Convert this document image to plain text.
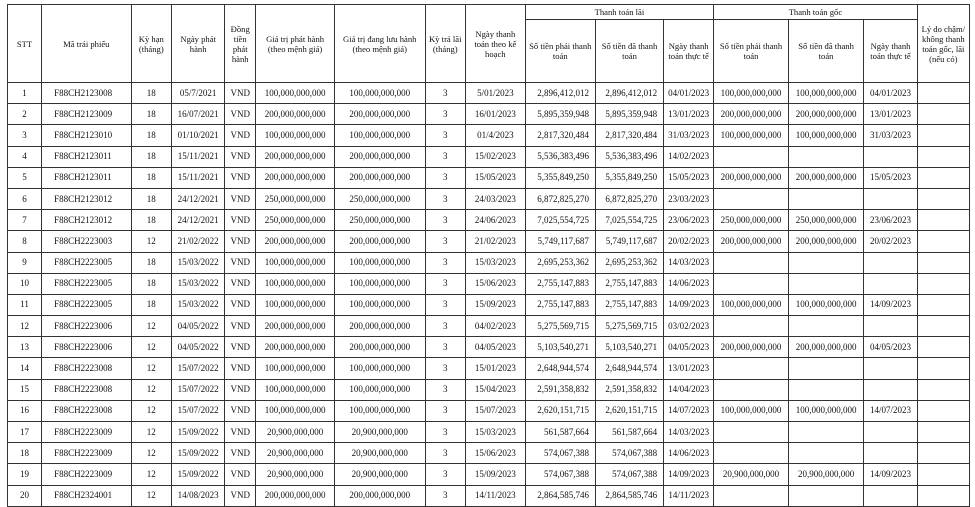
STT	Mã trái phiếu	Kỳ hạn (tháng)	Ngày phát hành	Đồng tiền phát hành	Giá trị phát hành (theo mệnh giá)	Giá trị đang lưu hành (theo mệnh giá)	Kỳ trả lãi (tháng)	Ngày thanh toán theo kế hoạch	Thanh toán lãi			Thanh toán gốc			Lý do chậm/ không thanh toán gốc, lãi (nếu có)
									Số tiền phải thanh toán	Số tiền đã thanh toán	Ngày thanh toán thực tế	Số tiền phải thanh toán	Số tiền đã thanh toán	Ngày thanh toán thực tế	
1	F88CH2123008	18	05/7/2021	VND	100,000,000,000	100,000,000,000	3	5/01/2023	2,896,412,012	2,896,412,012	04/01/2023	100,000,000,000	100,000,000,000	04/01/2023	
2	F88CH2123009	18	16/07/2021	VND	200,000,000,000	200,000,000,000	3	16/01/2023	5,895,359,948	5,895,359,948	13/01/2023	200,000,000,000	200,000,000,000	13/01/2023	
3	F88CH2123010	18	01/10/2021	VND	100,000,000,000	100,000,000,000	3	01/4/2023	2,817,320,484	2,817,320,484	31/03/2023	100,000,000,000	100,000,000,000	31/03/2023	
4	F88CH2123011	18	15/11/2021	VND	200,000,000,000	200,000,000,000	3	15/02/2023	5,536,383,496	5,536,383,496	14/02/2023				
5	F88CH2123011	18	15/11/2021	VND	200,000,000,000	200,000,000,000	3	15/05/2023	5,355,849,250	5,355,849,250	15/05/2023	200,000,000,000	200,000,000,000	15/05/2023	
6	F88CH2123012	18	24/12/2021	VND	250,000,000,000	250,000,000,000	3	24/03/2023	6,872,825,270	6,872,825,270	23/03/2023				
7	F88CH2123012	18	24/12/2021	VND	250,000,000,000	250,000,000,000	3	24/06/2023	7,025,554,725	7,025,554,725	23/06/2023	250,000,000,000	250,000,000,000	23/06/2023	
8	F88CH2223003	12	21/02/2022	VND	200,000,000,000	200,000,000,000	3	21/02/2023	5,749,117,687	5,749,117,687	20/02/2023	200,000,000,000	200,000,000,000	20/02/2023	
9	F88CH2223005	18	15/03/2022	VND	100,000,000,000	100,000,000,000	3	15/03/2023	2,695,253,362	2,695,253,362	14/03/2023				
10	F88CH2223005	18	15/03/2022	VND	100,000,000,000	100,000,000,000	3	15/06/2023	2,755,147,883	2,755,147,883	14/06/2023				
11	F88CH2223005	18	15/03/2022	VND	100,000,000,000	100,000,000,000	3	15/09/2023	2,755,147,883	2,755,147,883	14/09/2023	100,000,000,000	100,000,000,000	14/09/2023	
12	F88CH2223006	12	04/05/2022	VND	200,000,000,000	200,000,000,000	3	04/02/2023	5,275,569,715	5,275,569,715	03/02/2023				
13	F88CH2223006	12	04/05/2022	VND	200,000,000,000	200,000,000,000	3	04/05/2023	5,103,540,271	5,103,540,271	04/05/2023	200,000,000,000	200,000,000,000	04/05/2023	
14	F88CH2223008	12	15/07/2022	VND	100,000,000,000	100,000,000,000	3	15/01/2023	2,648,944,574	2,648,944,574	13/01/2023				
15	F88CH2223008	12	15/07/2022	VND	100,000,000,000	100,000,000,000	3	15/04/2023	2,591,358,832	2,591,358,832	14/04/2023				
16	F88CH2223008	12	15/07/2022	VND	100,000,000,000	100,000,000,000	3	15/07/2023	2,620,151,715	2,620,151,715	14/07/2023	100,000,000,000	100,000,000,000	14/07/2023	
17	F88CH2223009	12	15/09/2022	VND	20,900,000,000	20,900,000,000	3	15/03/2023	561,587,664	561,587,664	14/03/2023				
18	F88CH2223009	12	15/09/2022	VND	20,900,000,000	20,900,000,000	3	15/06/2023	574,067,388	574,067,388	14/06/2023				
19	F88CH2223009	12	15/09/2022	VND	20,900,000,000	20,900,000,000	3	15/09/2023	574,067,388	574,067,388	14/09/2023	20,900,000,000	20,900,000,000	14/09/2023	
20	F88CH2324001	12	14/08/2023	VND	200,000,000,000	200,000,000,000	3	14/11/2023	2,864,585,746	2,864,585,746	14/11/2023				
